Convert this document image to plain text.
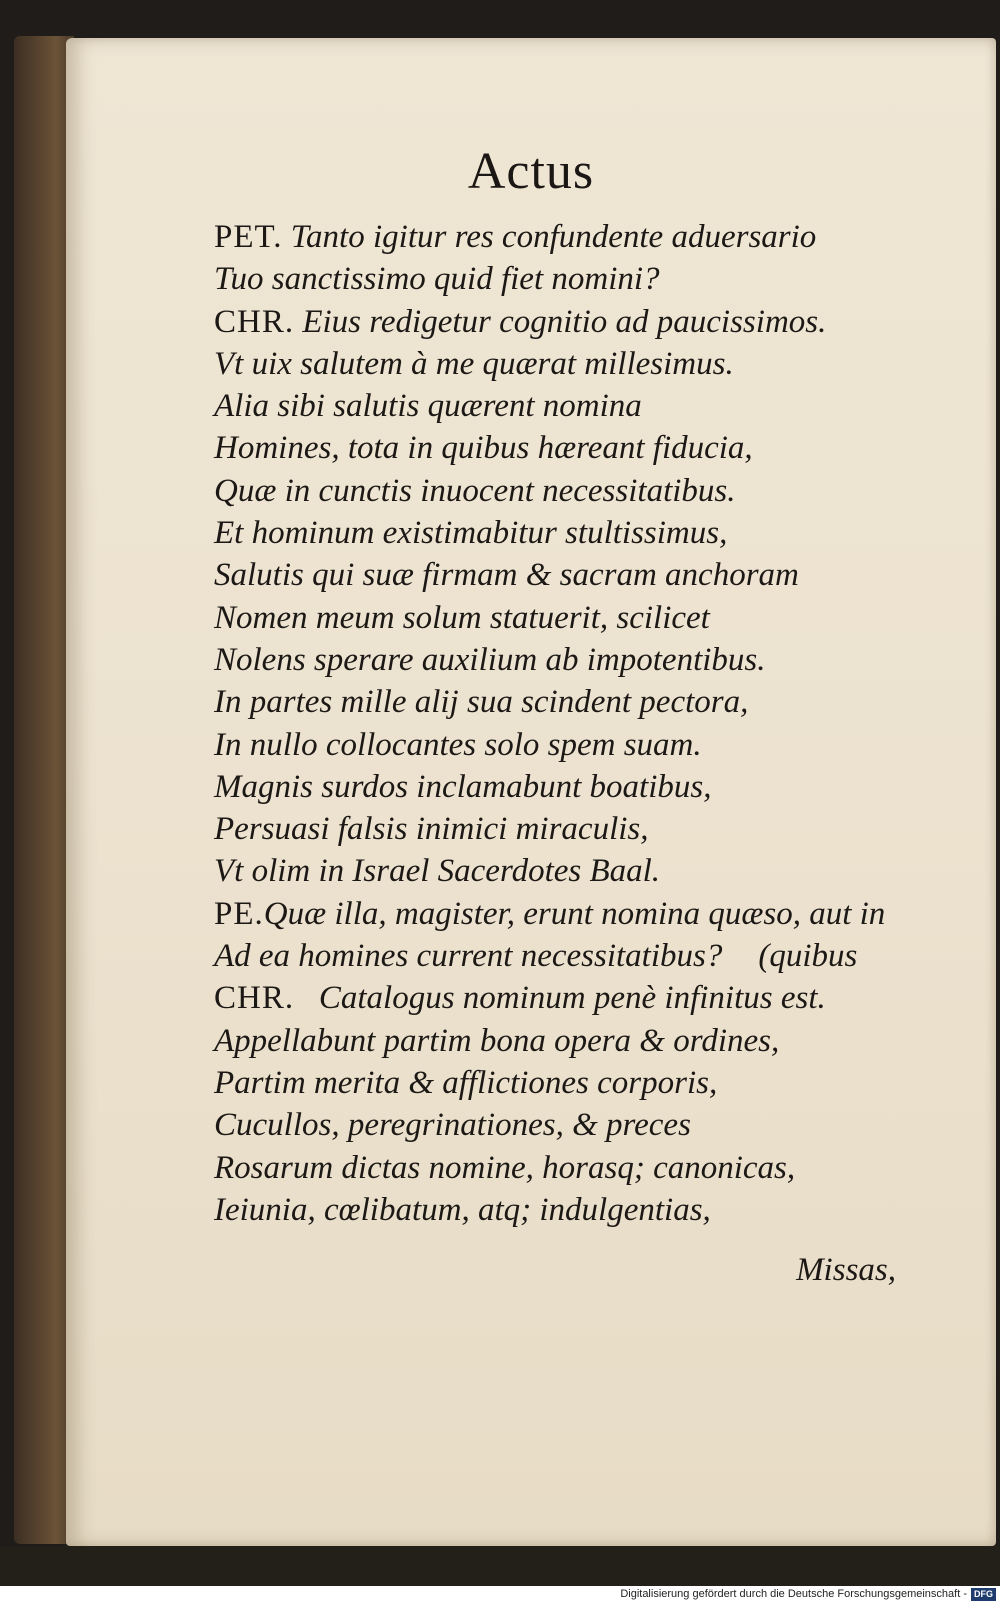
Actus
PET. Tanto igitur res confundente aduersario
Tuo sanctissimo quid fiet nomini?
CHR. Eius redigetur cognitio ad paucissimos.
Vt uix salutem à me quærat millesimus.
Alia sibi salutis quærent nomina
Homines, tota in quibus hæreant fiducia,
Quæ in cunctis inuocent necessitatibus.
Et hominum existimabitur stultissimus,
Salutis qui suæ firmam & sacram anchoram
Nomen meum solum statuerit, scilicet
Nolens sperare auxilium ab impotentibus.
In partes mille alij sua scindent pectora,
In nullo collocantes solo spem suam.
Magnis surdos inclamabunt boatibus,
Persuasi falsis inimici miraculis,
Vt olim in Israel Sacerdotes Baal.
PE.Quæ illa, magister, erunt nomina quæso, aut in
Ad ea homines current necessitatibus? (quibus
CHR. Catalogus nominum penè infinitus est.
Appellabunt partim bona opera & ordines,
Partim merita & afflictiones corporis,
Cucullos, peregrinationes, & preces
Rosarum dictas nomine, horasq; canonicas,
Ieiunia, cœlibatum, atq; indulgentias,
Missas,
Digitalisierung gefördert durch die Deutsche Forschungsgemeinschaft - DFG
